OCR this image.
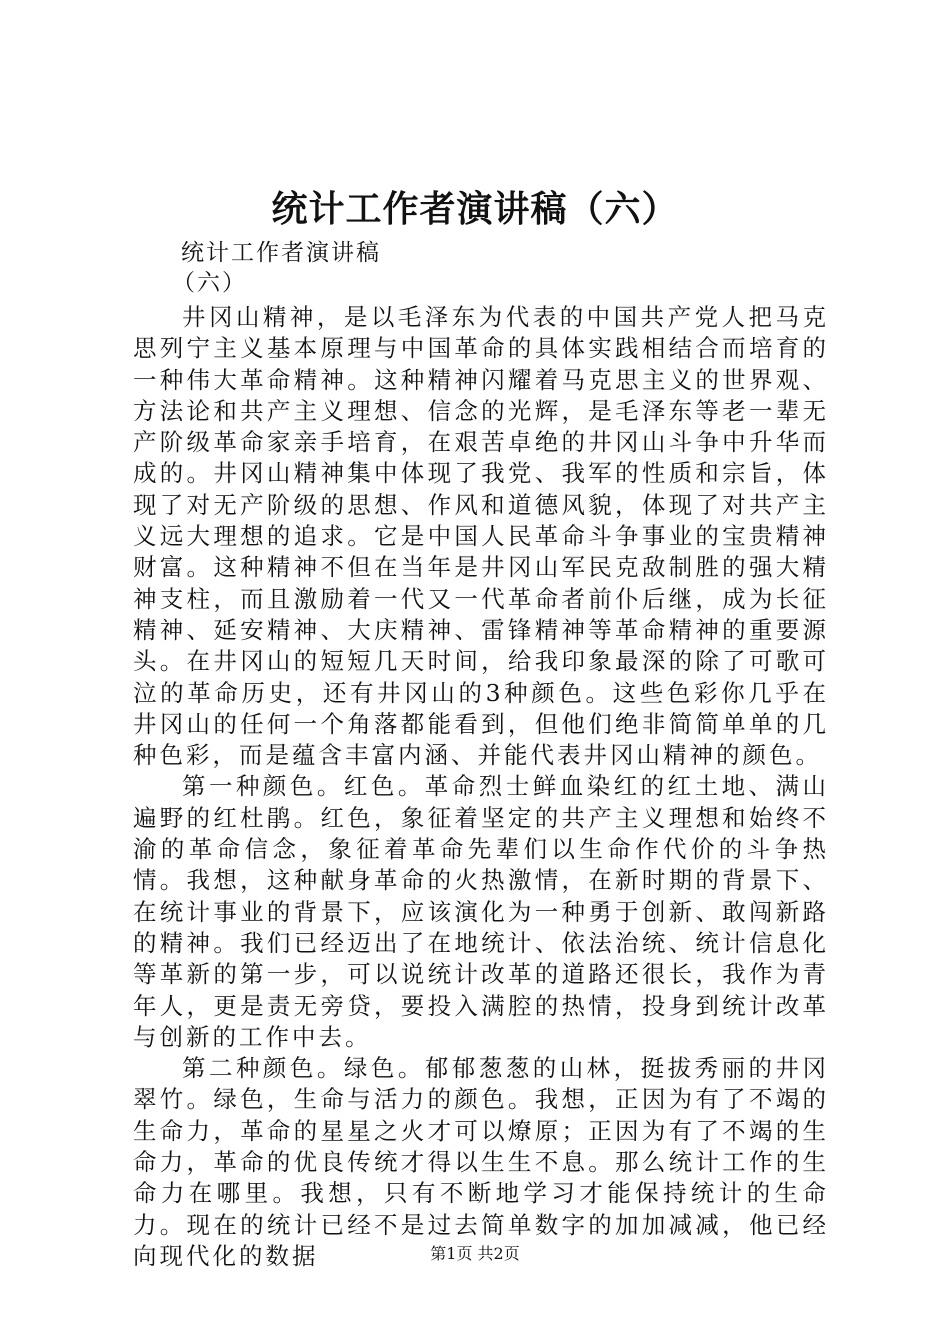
统计工作者演讲稿（六）
统计工作者演讲稿
（六）

井冈山精神，是以毛泽东为代表的中国共产党人把马克思列宁主义基本原理与中国革命的具体实践相结合而培育的一种伟大革命精神。这种精神闪耀着马克思主义的世界观、方法论和共产主义理想、信念的光辉，是毛泽东等老一辈无产阶级革命家亲手培育，在艰苦卓绝的井冈山斗争中升华而成的。井冈山精神集中体现了我党、我军的性质和宗旨，体现了对无产阶级的思想、作风和道德风貌，体现了对共产主义远大理想的追求。它是中国人民革命斗争事业的宝贵精神财富。这种精神不但在当年是井冈山军民克敌制胜的强大精神支柱，而且激励着一代又一代革命者前仆后继，成为长征精神、延安精神、大庆精神、雷锋精神等革命精神的重要源头。在井冈山的短短几天时间，给我印象最深的除了可歌可泣的革命历史，还有井冈山的3种颜色。这些色彩你几乎在井冈山的任何一个角落都能看到，但他们绝非简简单单的几种色彩，而是蕴含丰富内涵、并能代表井冈山精神的颜色。

第一种颜色。红色。革命烈士鲜血染红的红土地、满山遍野的红杜鹃。红色，象征着坚定的共产主义理想和始终不渝的革命信念，象征着革命先辈们以生命作代价的斗争热情。我想，这种献身革命的火热激情，在新时期的背景下、在统计事业的背景下，应该演化为一种勇于创新、敢闯新路的精神。我们已经迈出了在地统计、依法治统、统计信息化等革新的第一步，可以说统计改革的道路还很长，我作为青年人，更是责无旁贷，要投入满腔的热情，投身到统计改革与创新的工作中去。

第二种颜色。绿色。郁郁葱葱的山林，挺拔秀丽的井冈翠竹。绿色，生命与活力的颜色。我想，正因为有了不竭的生命力，革命的星星之火才可以燎原；正因为有了不竭的生命力，革命的优良传统才得以生生不息。那么统计工作的生命力在哪里。我想，只有不断地学习才能保持统计的生命力。现在的统计已经不是过去简单数字的加加减减，他已经向现代化的数据	第1页 共2页
